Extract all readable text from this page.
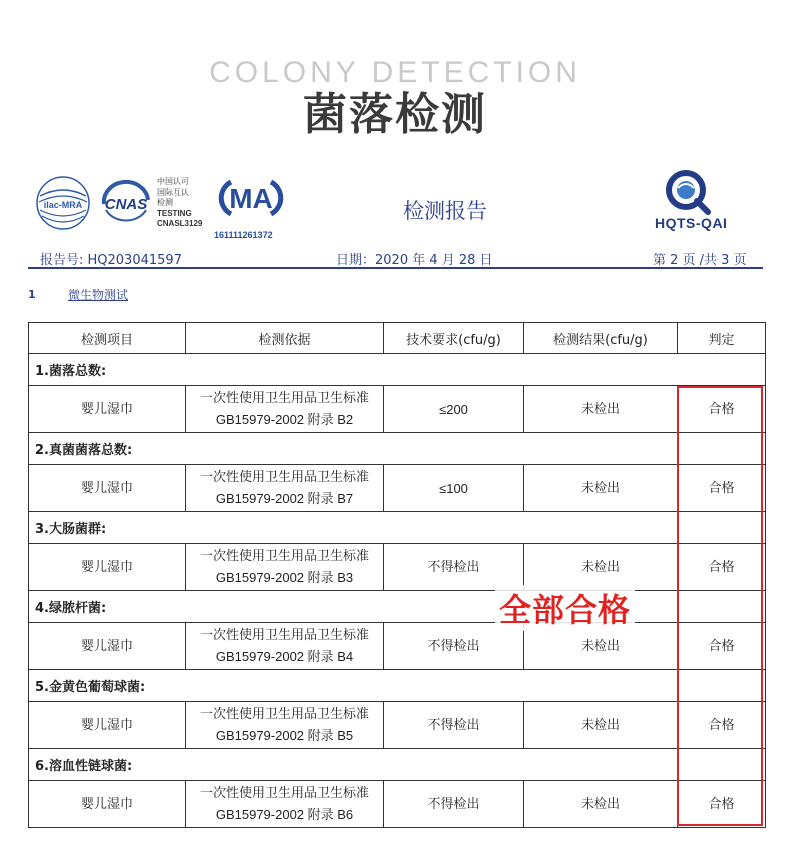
COLONY DETECTION
菌落检测
ilac-MRA CNAS
中国认可
国际互认
检测
TESTING
CNASL3129
MA
161111261372
检测报告	HQTS-QAI
报告号: HQ203041597	日期：2020 年 4 月 28 日	第 2 页 /共 3 页
1	微生物测试
检测项目	检测依据	技术要求(cfu/g)	检测结果(cfu/g)	判定
1.菌落总数:				
婴儿湿巾	一次性使用卫生用品卫生标准
GB15979-2002 附录 B2	≤200	未检出	合格
2.真菌菌落总数:				
婴儿湿巾	一次性使用卫生用品卫生标准
GB15979-2002 附录 B7	≤100	未检出	合格
3.大肠菌群:				
婴儿湿巾	一次性使用卫生用品卫生标准
GB15979-2002 附录 B3	不得检出	未检出	合格
4.绿脓杆菌:				
婴儿湿巾	一次性使用卫生用品卫生标准
GB15979-2002 附录 B4	不得检出	未检出	合格
5.金黄色葡萄球菌:				
婴儿湿巾	一次性使用卫生用品卫生标准
GB15979-2002 附录 B5	不得检出	未检出	合格
6.溶血性链球菌:				
婴儿湿巾	一次性使用卫生用品卫生标准
GB15979-2002 附录 B6	不得检出	未检出	合格
全部合格
